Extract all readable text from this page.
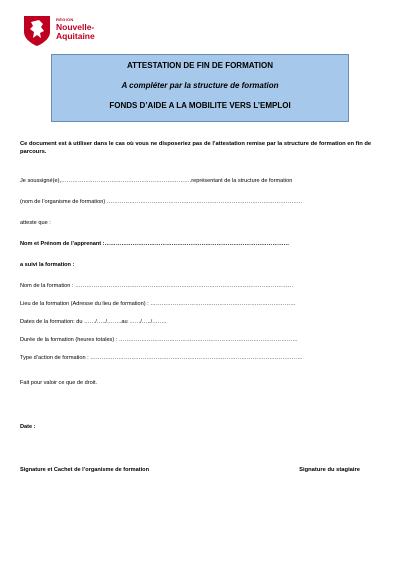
RÉGION
Nouvelle-
Aquitaine
ATTESTATION DE FIN DE FORMATION
A compléter par la structure de formation
FONDS D’AIDE A LA MOBILITE VERS L’EMPLOI
Ce document est à utiliser dans le cas où vous ne disposeriez pas de l’attestation remise par la structure de formation en fin de parcours.
Je soussigné(e),…………………………………………………………….représentant de la structure de formation
(nom de l’organisme de formation) ……………………………………………………………………………………………
atteste que :
Nom et Prénom de l’apprenant :………………………………………………………………………………………
a suivi la formation :
Nom de la formation : ………………………………………………………………………………………………………
Lieu de la formation (Adresse du lieu de formation) : ……………………………………………………………………
Dates de la formation: du ……/…../……..au ……/…../……..
Durée de la formation (heures totales) : ……………………………………………………………………………………
Type d’action de formation : ……………………………………………………………………………………………………
Fait pour valoir ce que de droit.
Date :
Signature et Cachet de l’organisme de formation	Signature du stagiaire
